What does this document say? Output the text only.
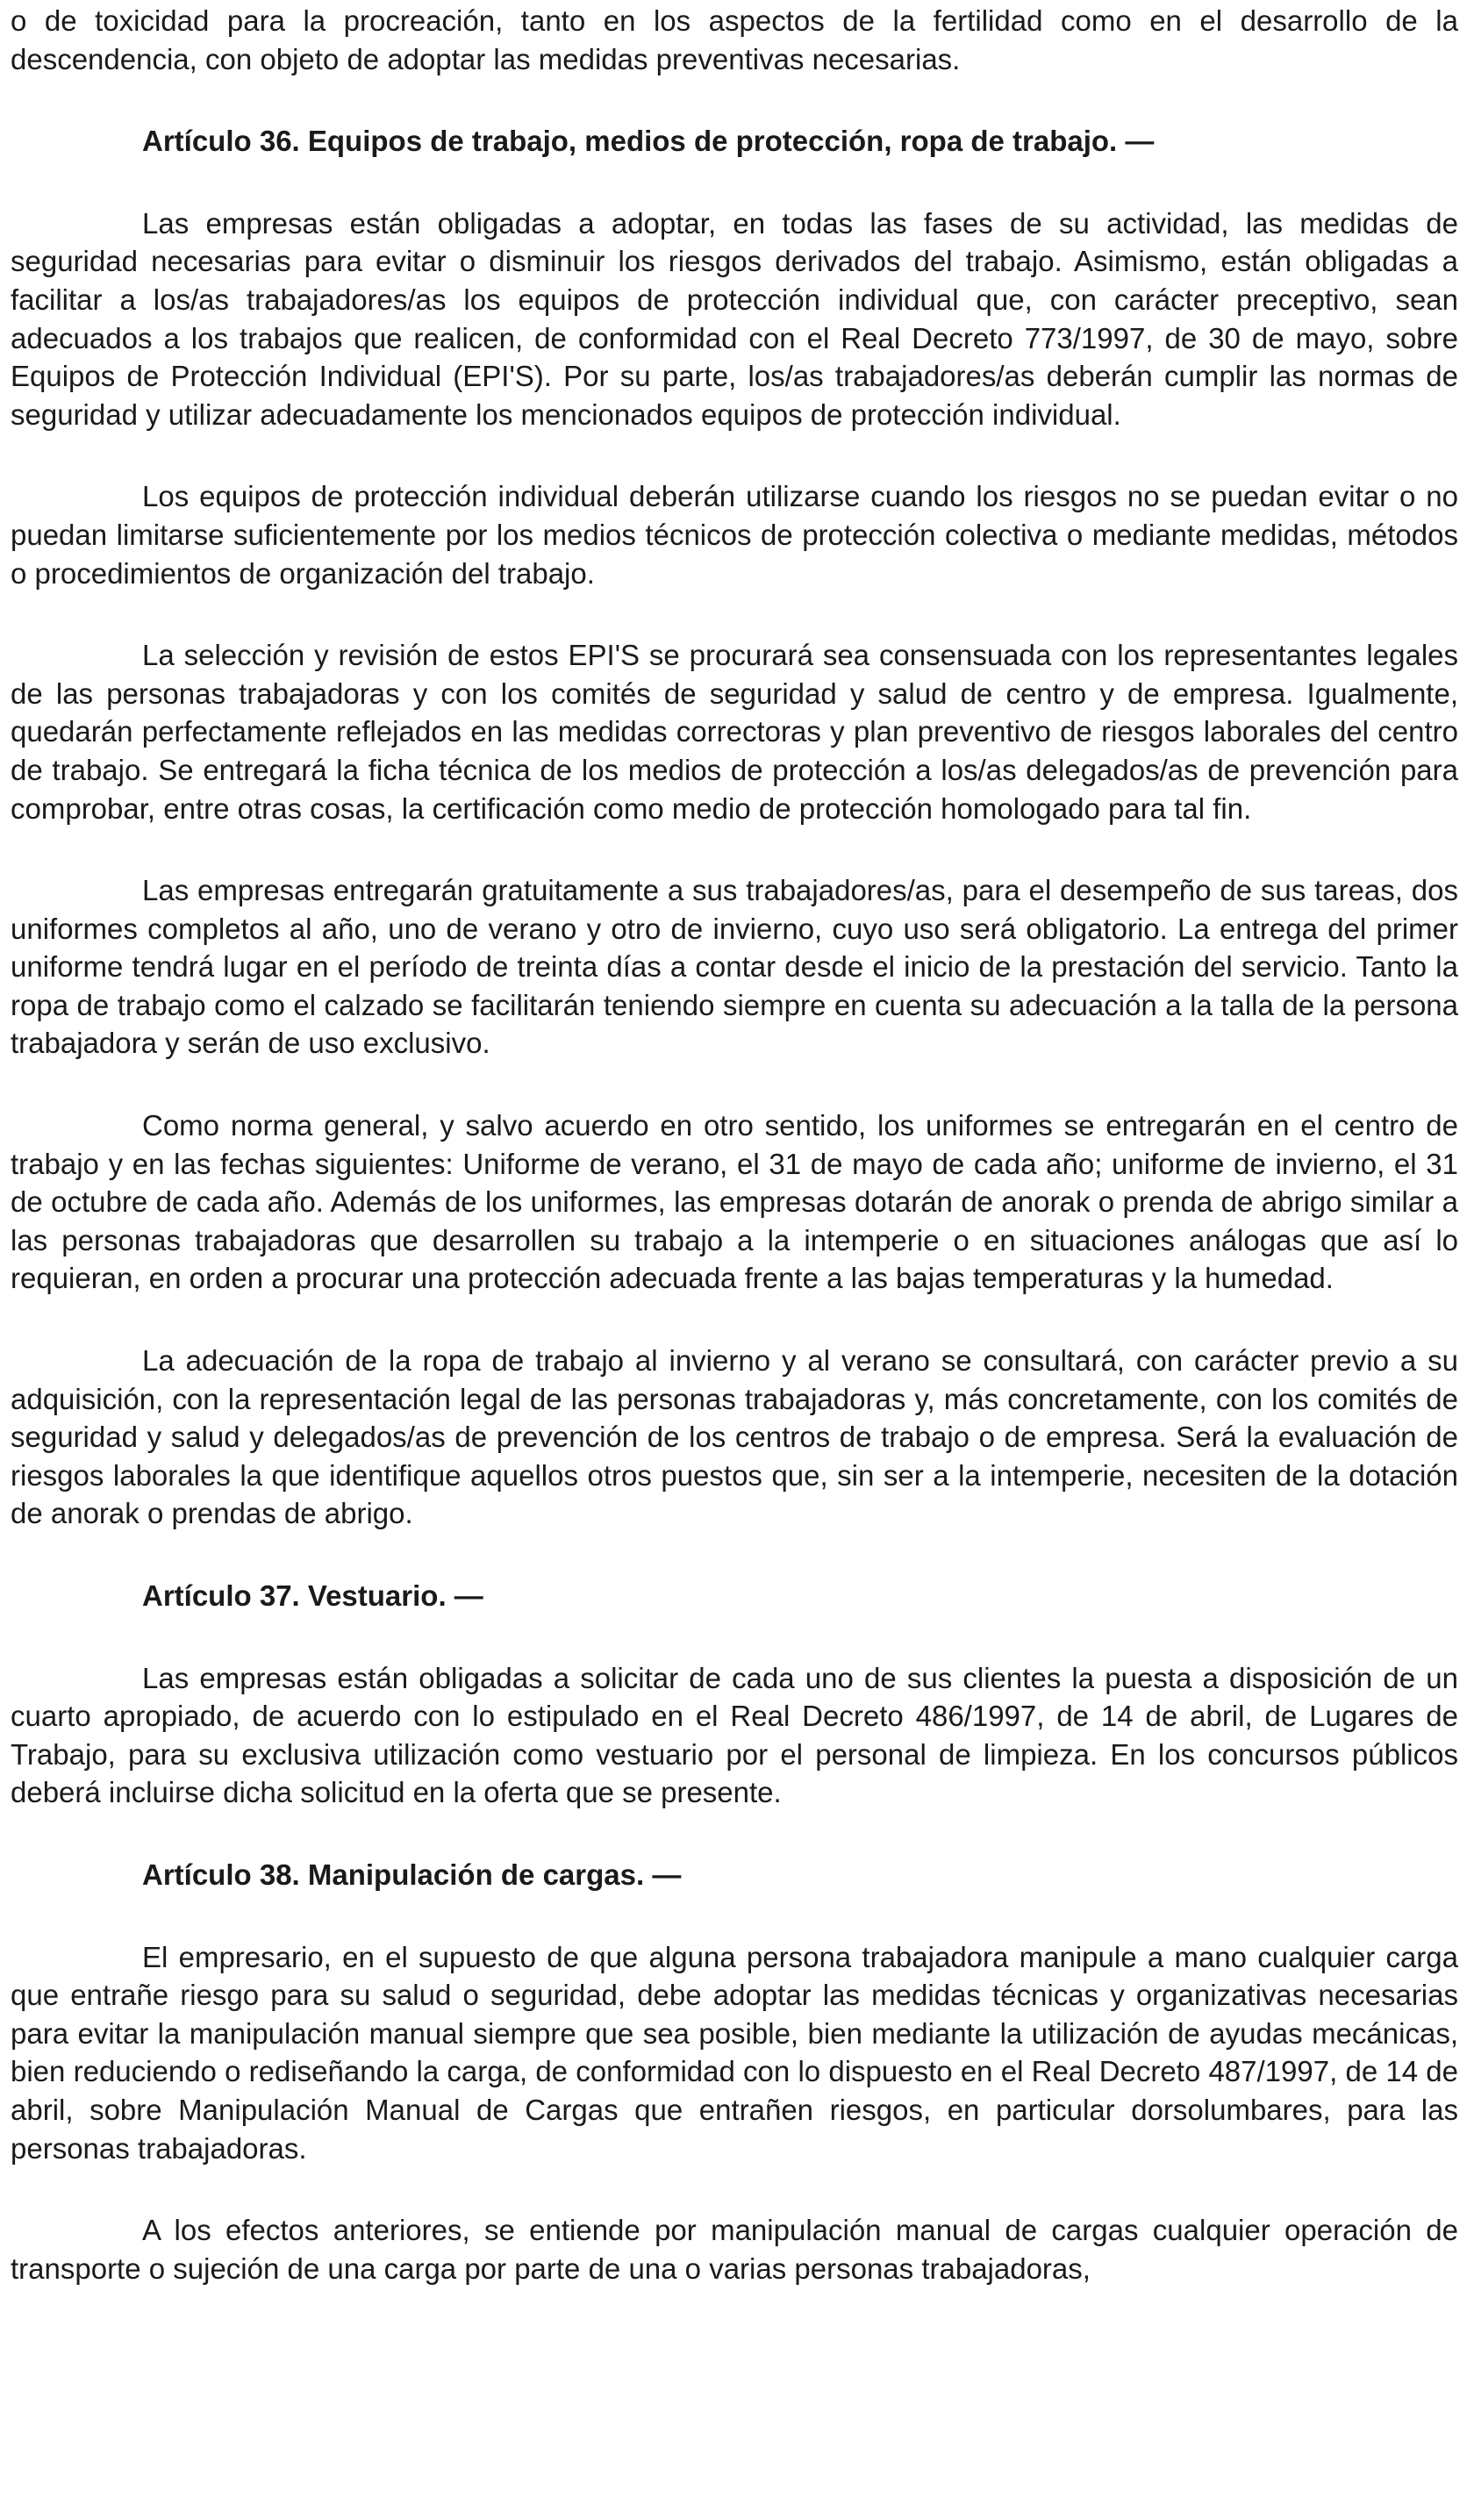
o de toxicidad para la procreación, tanto en los aspectos de la fertilidad como en el desarrollo de la descendencia, con objeto de adoptar las medidas preventivas necesarias.

Artículo 36. Equipos de trabajo, medios de protección, ropa de trabajo. —

Las empresas están obligadas a adoptar, en todas las fases de su actividad, las medidas de seguridad necesarias para evitar o disminuir los riesgos derivados del trabajo. Asimismo, están obligadas a facilitar a los/as trabajadores/as los equipos de protección individual que, con carácter preceptivo, sean adecuados a los trabajos que realicen, de conformidad con el Real Decreto 773/1997, de 30 de mayo, sobre Equipos de Protección Individual (EPI'S). Por su parte, los/as trabajadores/as deberán cumplir las normas de seguridad y utilizar adecuadamente los mencionados equipos de protección individual.

Los equipos de protección individual deberán utilizarse cuando los riesgos no se puedan evitar o no puedan limitarse suficientemente por los medios técnicos de protección colectiva o mediante medidas, métodos o procedimientos de organización del trabajo.

La selección y revisión de estos EPI'S se procurará sea consensuada con los representantes legales de las personas trabajadoras y con los comités de seguridad y salud de centro y de empresa. Igualmente, quedarán perfectamente reflejados en las medidas correctoras y plan preventivo de riesgos laborales del centro de trabajo. Se entregará la ficha técnica de los medios de protección a los/as delegados/as de prevención para comprobar, entre otras cosas, la certificación como medio de protección homologado para tal fin.

Las empresas entregarán gratuitamente a sus trabajadores/as, para el desempeño de sus tareas, dos uniformes completos al año, uno de verano y otro de invierno, cuyo uso será obligatorio. La entrega del primer uniforme tendrá lugar en el período de treinta días a contar desde el inicio de la prestación del servicio. Tanto la ropa de trabajo como el calzado se facilitarán teniendo siempre en cuenta su adecuación a la talla de la persona trabajadora y serán de uso exclusivo.

Como norma general, y salvo acuerdo en otro sentido, los uniformes se entregarán en el centro de trabajo y en las fechas siguientes: Uniforme de verano, el 31 de mayo de cada año; uniforme de invierno, el 31 de octubre de cada año. Además de los uniformes, las empresas dotarán de anorak o prenda de abrigo similar a las personas trabajadoras que desarrollen su trabajo a la intemperie o en situaciones análogas que así lo requieran, en orden a procurar una protección adecuada frente a las bajas temperaturas y la humedad.

La adecuación de la ropa de trabajo al invierno y al verano se consultará, con carácter previo a su adquisición, con la representación legal de las personas trabajadoras y, más concretamente, con los comités de seguridad y salud y delegados/as de prevención de los centros de trabajo o de empresa. Será la evaluación de riesgos laborales la que identifique aquellos otros puestos que, sin ser a la intemperie, necesiten de la dotación de anorak o prendas de abrigo.

Artículo 37. Vestuario. —

Las empresas están obligadas a solicitar de cada uno de sus clientes la puesta a disposición de un cuarto apropiado, de acuerdo con lo estipulado en el Real Decreto 486/1997, de 14 de abril, de Lugares de Trabajo, para su exclusiva utilización como vestuario por el personal de limpieza. En los concursos públicos deberá incluirse dicha solicitud en la oferta que se presente.

Artículo 38. Manipulación de cargas. —

El empresario, en el supuesto de que alguna persona trabajadora manipule a mano cualquier carga que entrañe riesgo para su salud o seguridad, debe adoptar las medidas técnicas y organizativas necesarias para evitar la manipulación manual siempre que sea posible, bien mediante la utilización de ayudas mecánicas, bien reduciendo o rediseñando la carga, de conformidad con lo dispuesto en el Real Decreto 487/1997, de 14 de abril, sobre Manipulación Manual de Cargas que entrañen riesgos, en particular dorsolumbares, para las personas trabajadoras.

A los efectos anteriores, se entiende por manipulación manual de cargas cualquier operación de transporte o sujeción de una carga por parte de una o varias personas trabajadoras,
